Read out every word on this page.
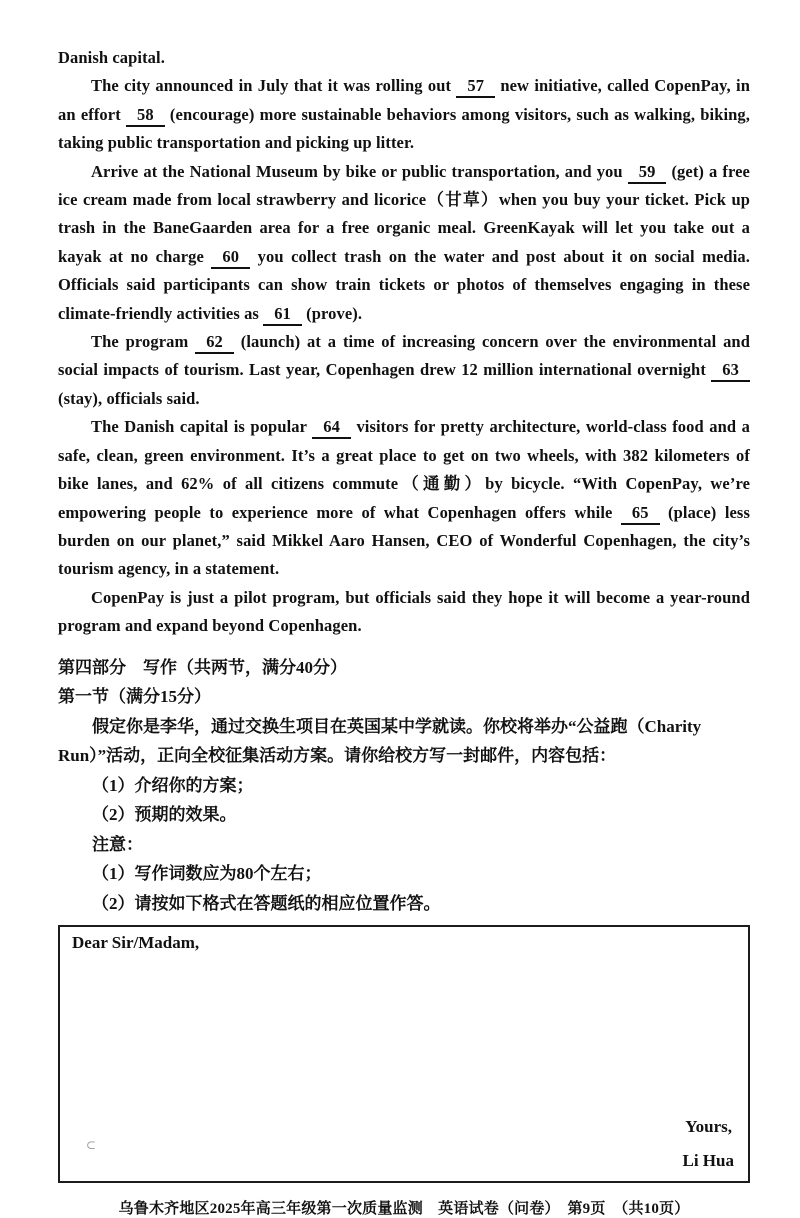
Danish capital.

The city announced in July that it was rolling out 57 new initiative, called CopenPay, in an effort 58 (encourage) more sustainable behaviors among visitors, such as walking, biking, taking public transportation and picking up litter.

Arrive at the National Museum by bike or public transportation, and you 59 (get) a free ice cream made from local strawberry and licorice（甘草）when you buy your ticket. Pick up trash in the BaneGaarden area for a free organic meal. GreenKayak will let you take out a kayak at no charge 60 you collect trash on the water and post about it on social media. Officials said participants can show train tickets or photos of themselves engaging in these climate-friendly activities as 61 (prove).

The program 62 (launch) at a time of increasing concern over the environmental and social impacts of tourism. Last year, Copenhagen drew 12 million international overnight 63 (stay), officials said.

The Danish capital is popular 64 visitors for pretty architecture, world-class food and a safe, clean, green environment. It’s a great place to get on two wheels, with 382 kilometers of bike lanes, and 62% of all citizens commute（通勤）by bicycle. “With CopenPay, we’re empowering people to experience more of what Copenhagen offers while 65 (place) less burden on our planet,” said Mikkel Aaro Hansen, CEO of Wonderful Copenhagen, the city’s tourism agency, in a statement.

CopenPay is just a pilot program, but officials said they hope it will become a year-round program and expand beyond Copenhagen.

第四部分　写作（共两节，满分40分）

第一节（满分15分）

假定你是李华，通过交换生项目在英国某中学就读。你校将举办“公益跑（Charity Run）”活动，正向全校征集活动方案。请你给校方写一封邮件，内容包括：

（1）介绍你的方案；

（2）预期的效果。

注意：

（1）写作词数应为80个左右；

（2）请按如下格式在答题纸的相应位置作答。

Dear Sir/Madam,

⊂

Yours,

Li Hua

乌鲁木齐地区2025年高三年级第一次质量监测　英语试卷（问卷）　第9页　（共10页）
